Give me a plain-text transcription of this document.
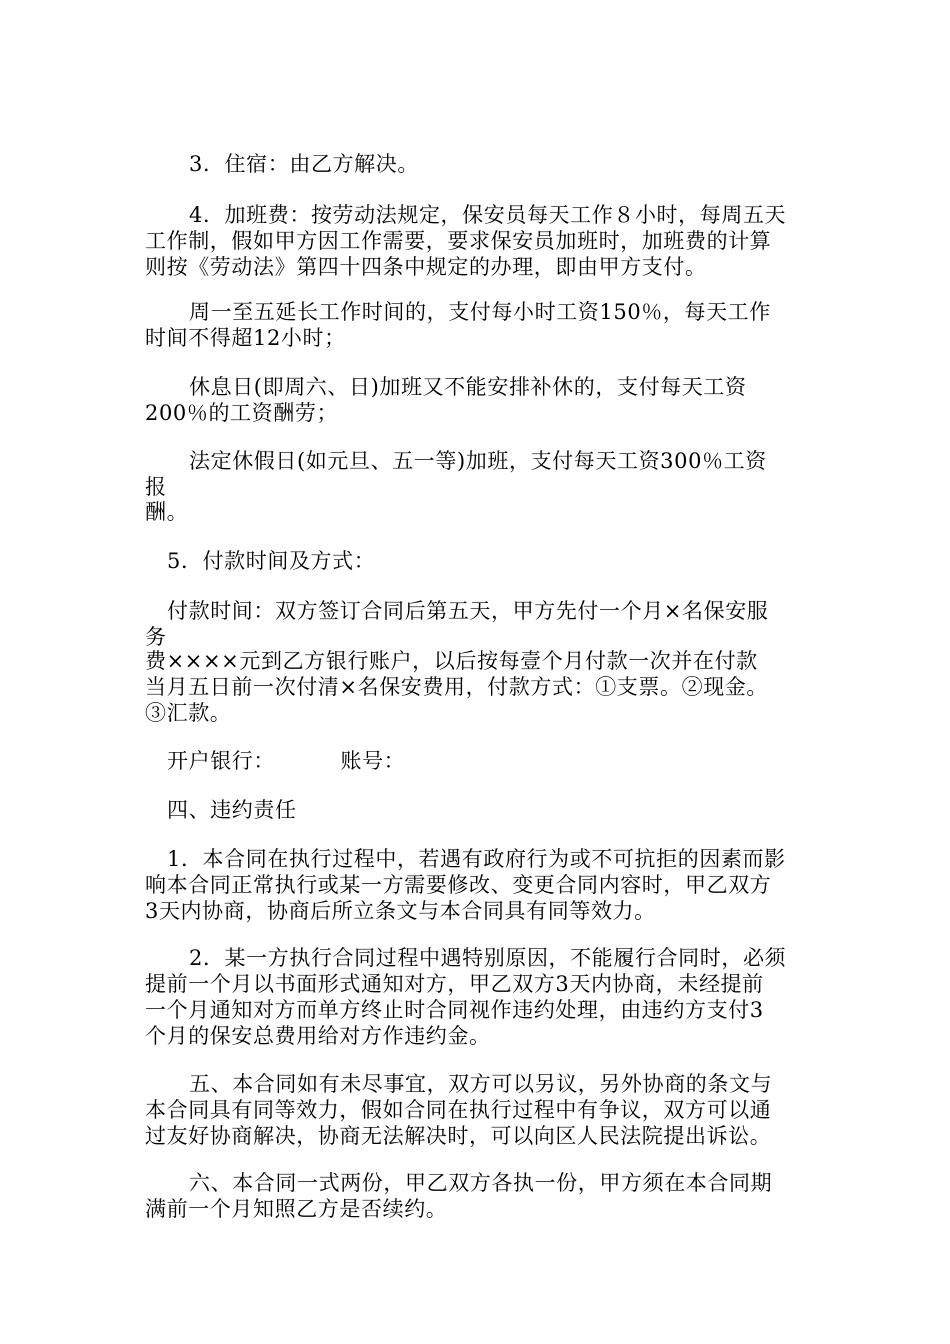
3．住宿：由乙方解决。
4．加班费：按劳动法规定，保安员每天工作８小时，每周五天
工作制，假如甲方因工作需要，要求保安员加班时，加班费的计算
则按《劳动法》第四十四条中规定的办理，即由甲方支付。
周一至五延长工作时间的，支付每小时工资150％，每天工作
时间不得超12小时；
休息日(即周六、日)加班又不能安排补休的，支付每天工资
200％的工资酬劳；
法定休假日(如元旦、五一等)加班，支付每天工资300％工资
报
酬。
5．付款时间及方式：
付款时间：双方签订合同后第五天，甲方先付一个月×名保安服
务
费××××元到乙方银行账户，以后按每壹个月付款一次并在付款
当月五日前一次付清×名保安费用，付款方式：①支票。②现金。
③汇款。
开户银行：         账号：
四、违约责任
1．本合同在执行过程中，若遇有政府行为或不可抗拒的因素而影
响本合同正常执行或某一方需要修改、变更合同内容时，甲乙双方
3天内协商，协商后所立条文与本合同具有同等效力。
2．某一方执行合同过程中遇特别原因，不能履行合同时，必须
提前一个月以书面形式通知对方，甲乙双方3天内协商，未经提前
一个月通知对方而单方终止时合同视作违约处理，由违约方支付3
个月的保安总费用给对方作违约金。
五、本合同如有未尽事宜，双方可以另议，另外协商的条文与
本合同具有同等效力，假如合同在执行过程中有争议，双方可以通
过友好协商解决，协商无法解决时，可以向区人民法院提出诉讼。
六、本合同一式两份，甲乙双方各执一份，甲方须在本合同期
满前一个月知照乙方是否续约。
